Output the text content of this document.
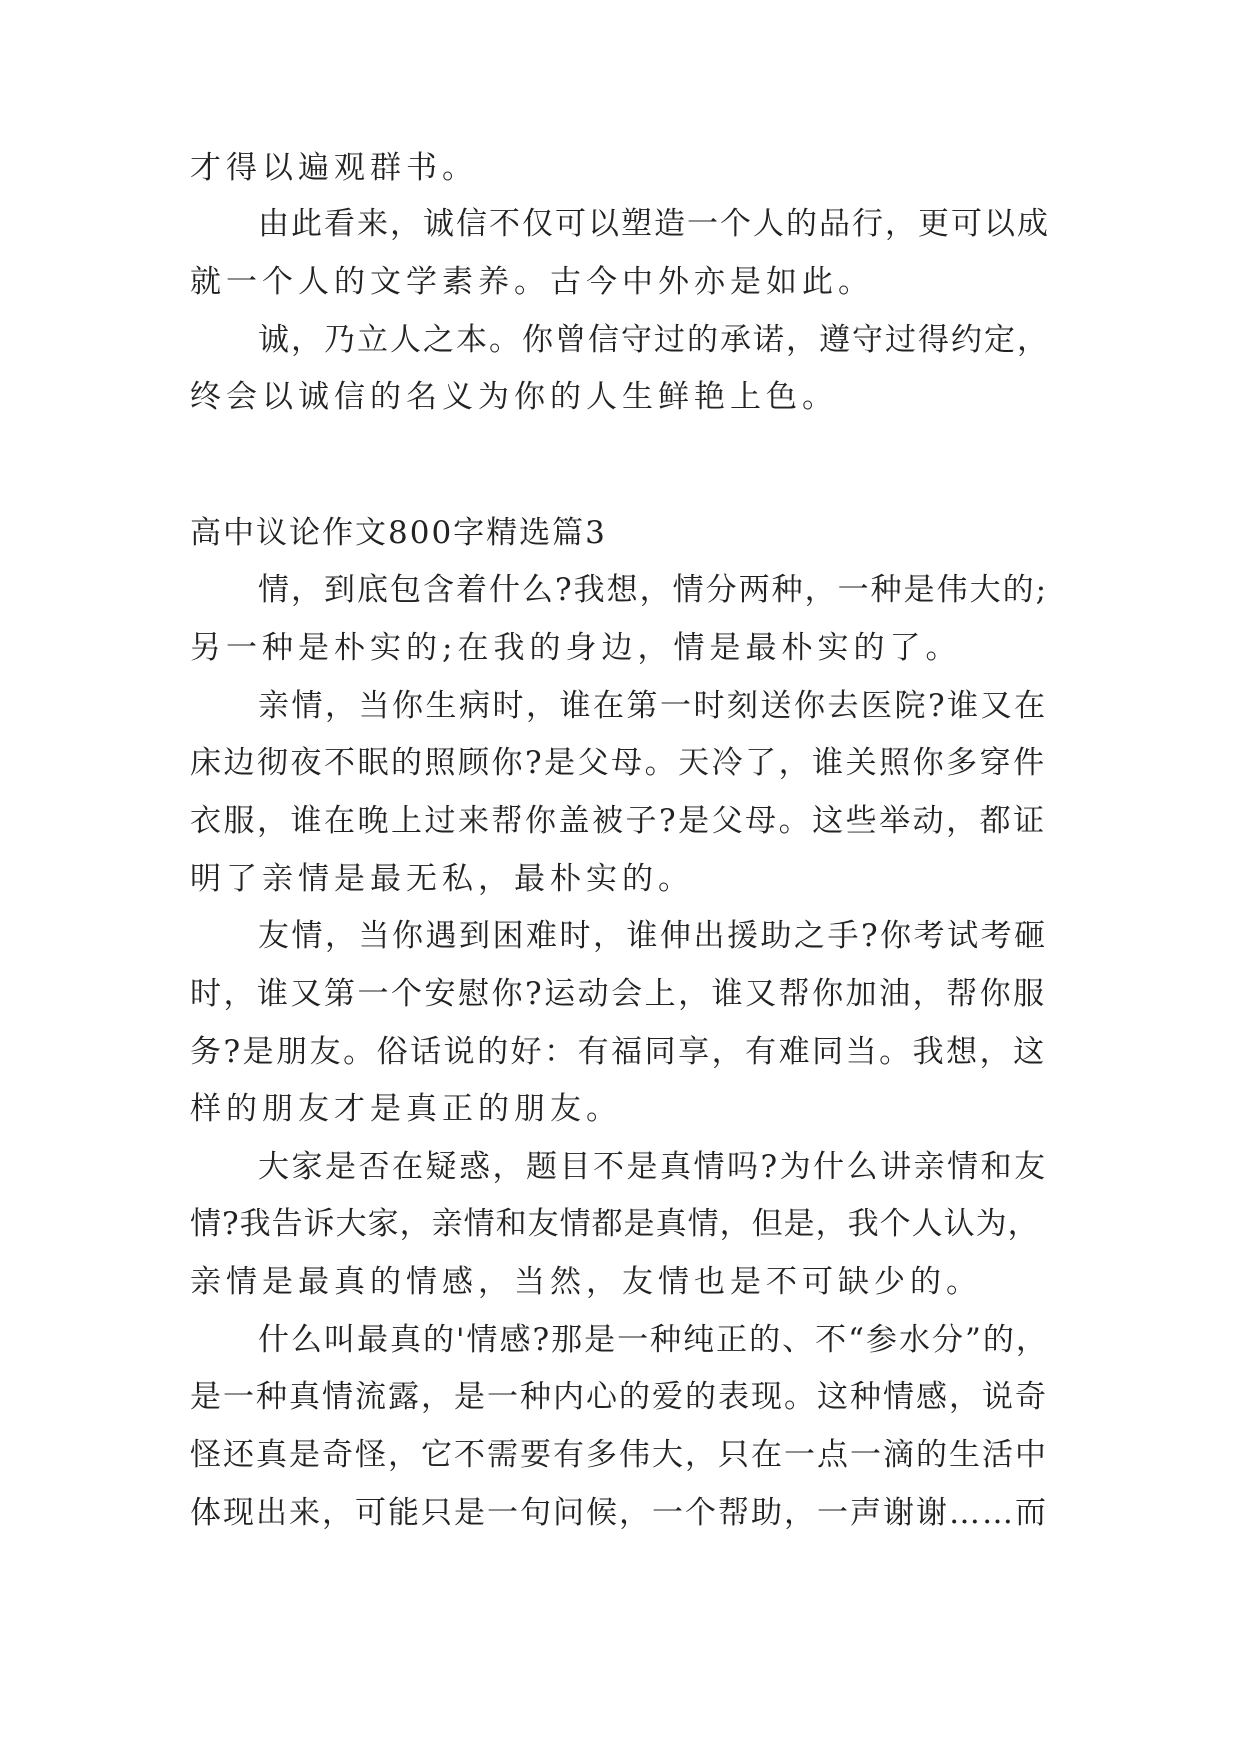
才得以遍观群书。
由此看来，诚信不仅可以塑造一个人的品行，更可以成
就一个人的文学素养。古今中外亦是如此。
诚，乃立人之本。你曾信守过的承诺，遵守过得约定，
终会以诚信的名义为你的人生鲜艳上色。
高中议论作文800字精选篇3
情，到底包含着什么?我想，情分两种，一种是伟大的;
另一种是朴实的;在我的身边，情是最朴实的了。
亲情，当你生病时，谁在第一时刻送你去医院?谁又在
床边彻夜不眠的照顾你?是父母。天冷了，谁关照你多穿件
衣服，谁在晚上过来帮你盖被子?是父母。这些举动，都证
明了亲情是最无私，最朴实的。
友情，当你遇到困难时，谁伸出援助之手?你考试考砸
时，谁又第一个安慰你?运动会上，谁又帮你加油，帮你服
务?是朋友。俗话说的好：有福同享，有难同当。我想，这
样的朋友才是真正的朋友。
大家是否在疑惑，题目不是真情吗?为什么讲亲情和友
情?我告诉大家，亲情和友情都是真情，但是，我个人认为，
亲情是最真的情感，当然，友情也是不可缺少的。
什么叫最真的'情感?那是一种纯正的、不“参水分”的，
是一种真情流露，是一种内心的爱的表现。这种情感，说奇
怪还真是奇怪，它不需要有多伟大，只在一点一滴的生活中
体现出来，可能只是一句问候，一个帮助，一声谢谢……而
